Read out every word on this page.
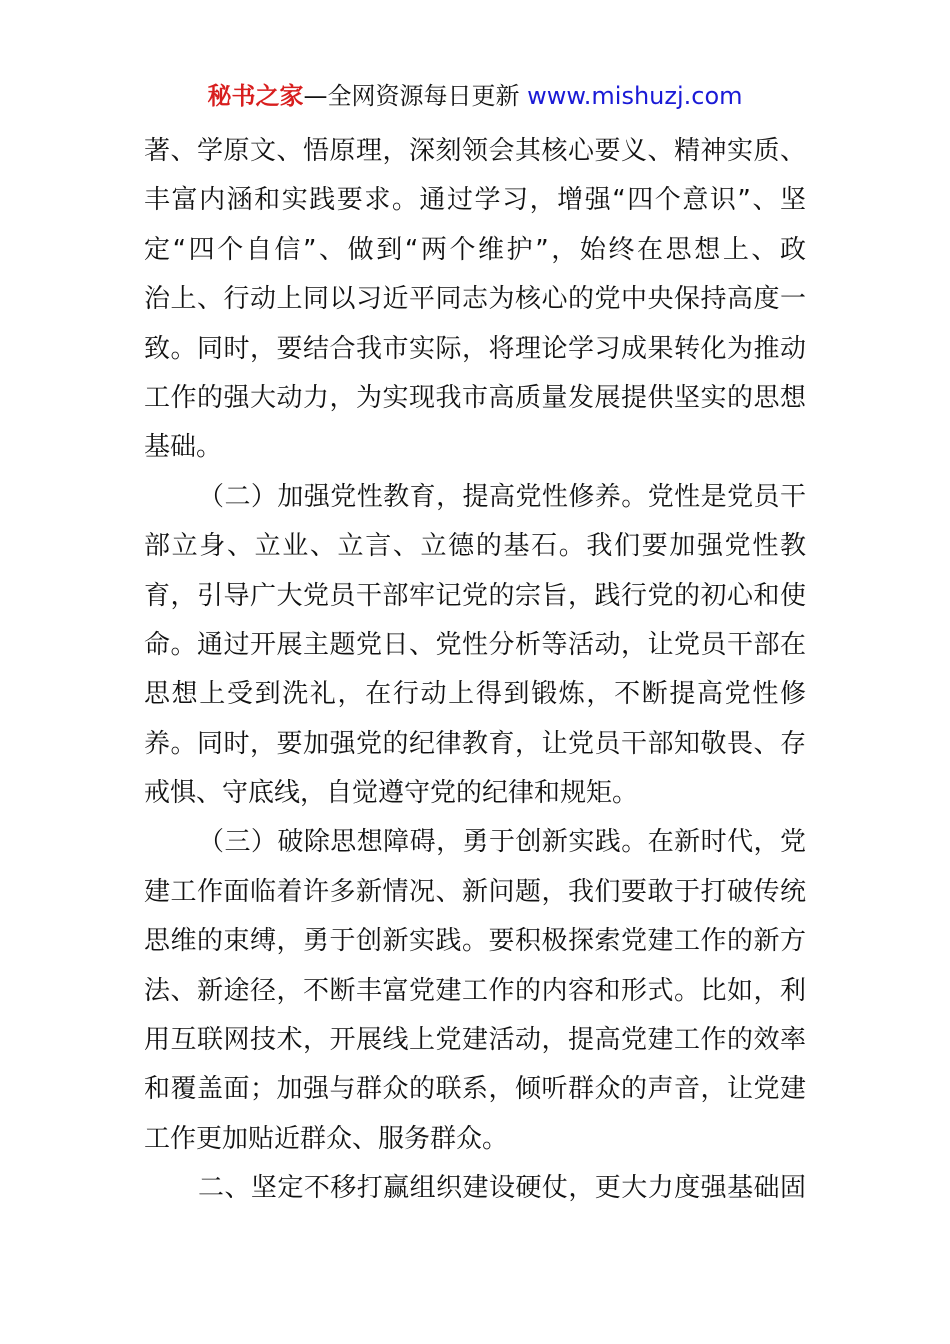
秘书之家—全网资源每日更新 www.mishuzj.com
著、学原文、悟原理，深刻领会其核心要义、精神实质、
丰富内涵和实践要求。通过学习，增强“四个意识”、坚
定“四个自信”、做到“两个维护”，始终在思想上、政
治上、行动上同以习近平同志为核心的党中央保持高度一
致。同时，要结合我市实际，将理论学习成果转化为推动
工作的强大动力，为实现我市高质量发展提供坚实的思想
基础。
（二）加强党性教育，提高党性修养。党性是党员干
部立身、立业、立言、立德的基石。我们要加强党性教
育，引导广大党员干部牢记党的宗旨，践行党的初心和使
命。通过开展主题党日、党性分析等活动，让党员干部在
思想上受到洗礼，在行动上得到锻炼，不断提高党性修
养。同时，要加强党的纪律教育，让党员干部知敬畏、存
戒惧、守底线，自觉遵守党的纪律和规矩。
（三）破除思想障碍，勇于创新实践。在新时代，党
建工作面临着许多新情况、新问题，我们要敢于打破传统
思维的束缚，勇于创新实践。要积极探索党建工作的新方
法、新途径，不断丰富党建工作的内容和形式。比如，利
用互联网技术，开展线上党建活动，提高党建工作的效率
和覆盖面；加强与群众的联系，倾听群众的声音，让党建
工作更加贴近群众、服务群众。
二、坚定不移打赢组织建设硬仗，更大力度强基础固
